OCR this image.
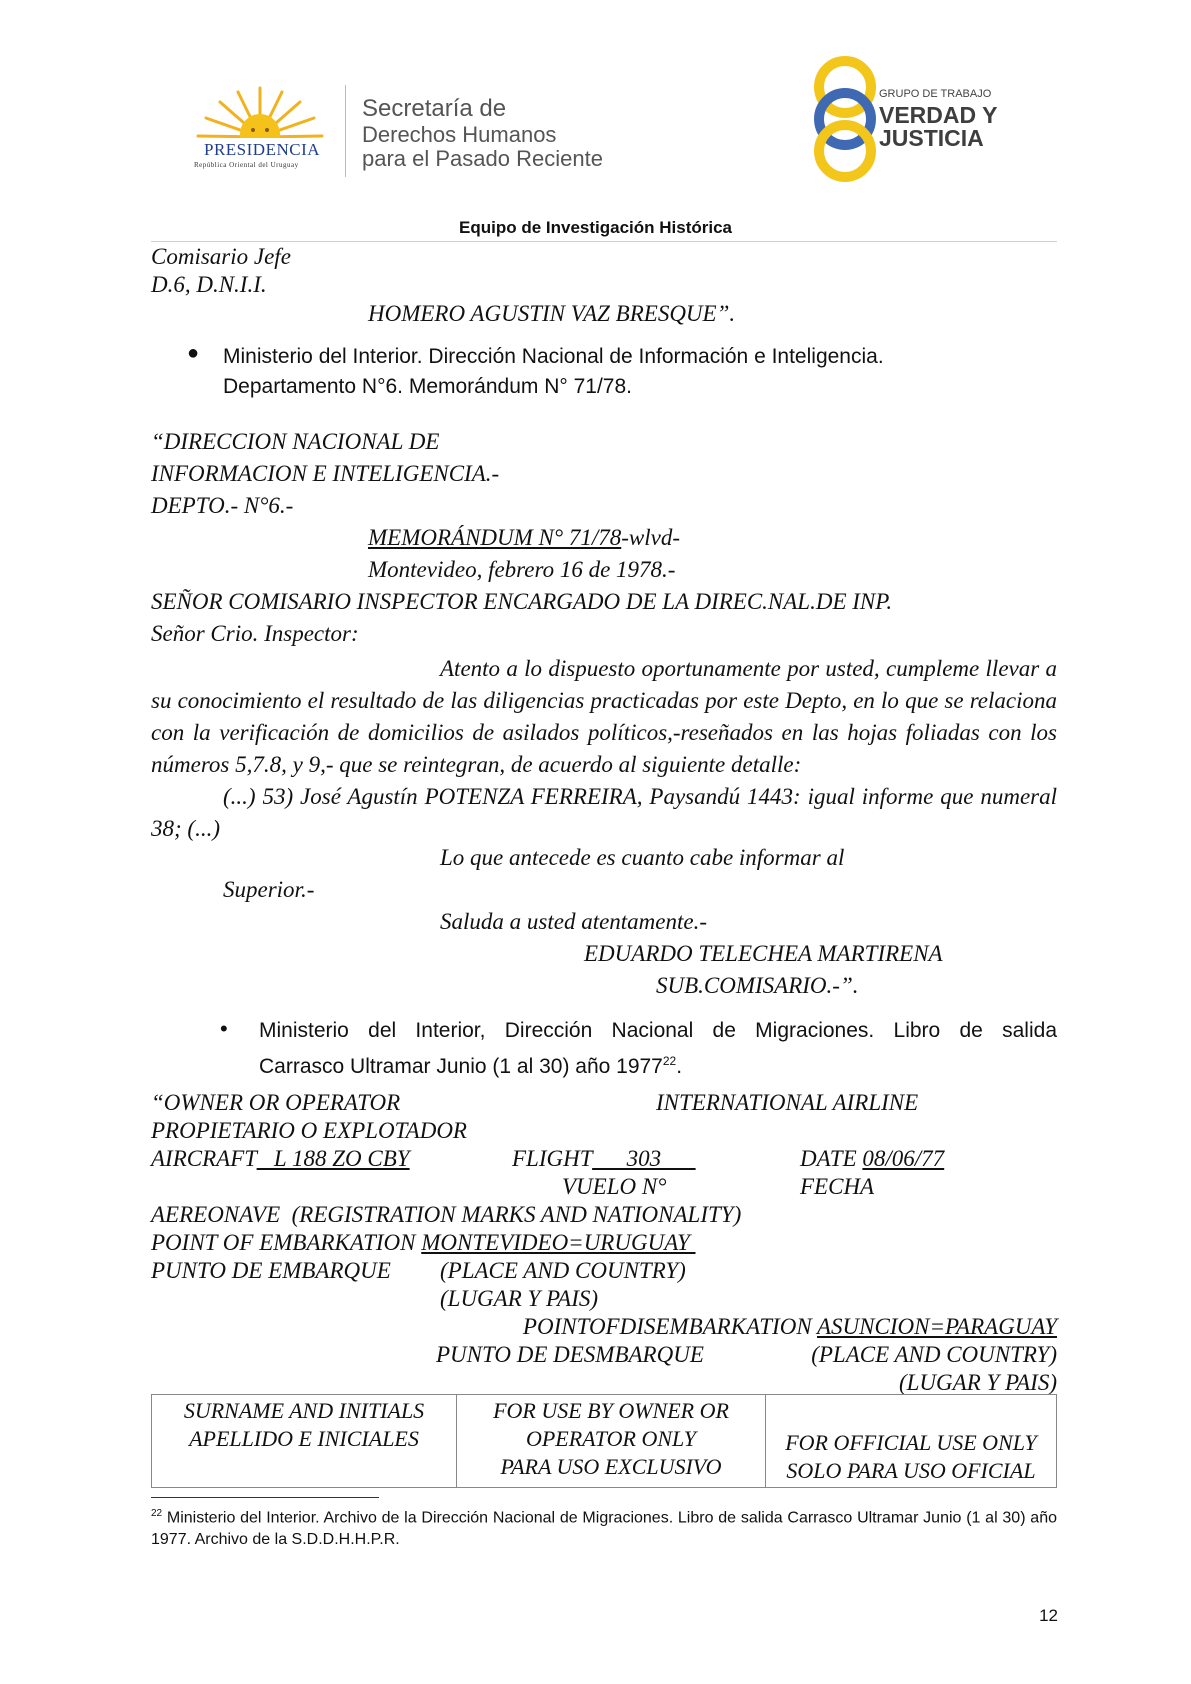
PRESIDENCIA
República Oriental del Uruguay
Secretaría de
Derechos Humanos
para el Pasado Reciente
GRUPO DE TRABAJO
VERDAD Y
JUSTICIA
Equipo de Investigación Histórica
Comisario Jefe
D.6, D.N.I.I.
HOMERO AGUSTIN VAZ BRESQUE”.
● Ministerio del Interior. Dirección Nacional de Información e Inteligencia.
Departamento N°6. Memorándum N° 71/78.
“DIRECCION NACIONAL DE
INFORMACION E INTELIGENCIA.-
DEPTO.- N°6.-
MEMORÁNDUM N° 71/78-wlvd-
Montevideo, febrero 16 de 1978.-
SEÑOR COMISARIO INSPECTOR ENCARGADO DE LA DIREC.NAL.DE INP.
Señor Crio. Inspector:
Atento a lo dispuesto oportunamente por usted, cumpleme llevar a su conocimiento el resultado de las diligencias practicadas por este Depto, en lo que se relaciona con la verificación de domicilios de asilados políticos,-reseñados en las hojas foliadas con los números 5,7.8, y 9,- que se reintegran, de acuerdo al siguiente detalle:
(...) 53) José Agustín POTENZA FERREIRA, Paysandú 1443: igual informe que numeral 38; (...)
Lo que antecede es cuanto cabe informar al
Superior.-
Saluda a usted atentamente.-
EDUARDO TELECHEA MARTIRENA
SUB.COMISARIO.-”.
• Ministerio del Interior, Dirección Nacional de Migraciones. Libro de salida
Carrasco Ultramar Junio (1 al 30) año 1977$^{22}$.
“OWNER OR OPERATOR	INTERNATIONAL AIRLINE
PROPIETARIO O EXPLOTADOR
AIRCRAFT   L 188 ZO CBY	FLIGHT      303	DATE 08/06/77
VUELO N°	FECHA
AEREONAVE  (REGISTRATION MARKS AND NATIONALITY)
POINT OF EMBARKATION MONTEVIDEO=URUGUAY
PUNTO DE EMBARQUE (PLACE AND COUNTRY)
(LUGAR Y PAIS)
POINTOFDISEMBARKATION ASUNCION=PARAGUAY
PUNTO DE DESMBARQUE	(PLACE AND COUNTRY)
(LUGAR Y PAIS)
SURNAME AND INITIALS
APELLIDO E INICIALES

FOR USE BY OWNER OR
OPERATOR ONLY
PARA USO EXCLUSIVO

FOR OFFICIAL USE ONLY
SOLO PARA USO OFICIAL
$^{22}$ Ministerio del Interior. Archivo de la Dirección Nacional de Migraciones. Libro de salida Carrasco Ultramar Junio (1 al 30) año 1977. Archivo de la S.D.D.H.H.P.R.
12
